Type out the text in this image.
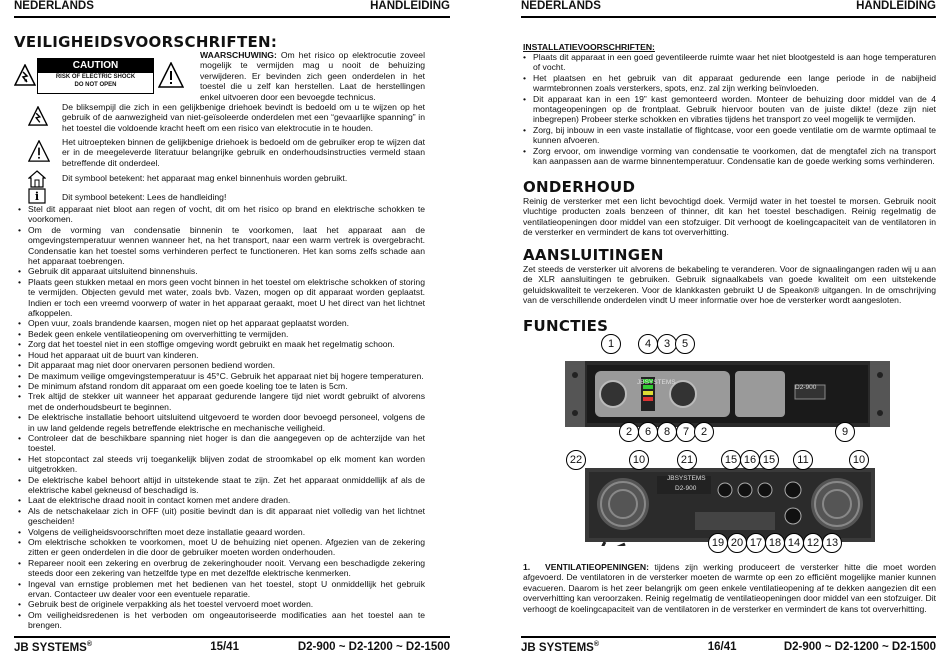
NEDERLANDS	HANDLEIDING
VEILIGHEIDSVOORSCHRIFTEN:
CAUTION
RISK OF ELECTRIC SHOCK
DO NOT OPEN
WAARSCHUWING: Om het risico op elektrocutie zoveel mogelijk te vermijden mag u nooit de behuizing verwijderen. Er bevinden zich geen onderdelen in het toestel die u zelf kan herstellen. Laat de herstellingen enkel uitvoeren door een bevoegde technicus.
De bliksempijl die zich in een gelijkbenige driehoek bevindt is bedoeld om u te wijzen op het gebruik of de aanwezigheid van niet-geïsoleerde onderdelen met een “gevaarlijke spanning” in het toestel die voldoende kracht heeft om een risico van elektrocutie in te houden.
Het uitroepteken binnen de gelijkbenige driehoek is bedoeld om de gebruiker erop te wijzen dat er in de meegeleverde literatuur belangrijke gebruik en onderhoudsinstructies vermeld staan betreffende dit onderdeel.
Dit symbool betekent: het apparaat mag enkel binnenhuis worden gebruikt.
i	Dit symbool betekent: Lees de handleiding!
• Stel dit apparaat niet bloot aan regen of vocht, dit om het risico op brand en elektrische schokken te voorkomen.
• Om de vorming van condensatie binnenin te voorkomen, laat het apparaat aan de omgevingstemperatuur wennen wanneer het, na het transport, naar een warm vertrek is overgebracht. Condensatie kan het toestel soms verhinderen perfect te functioneren. Het kan soms zelfs schade aan het apparaat toebrengen.
• Gebruik dit apparaat uitsluitend binnenshuis.
• Plaats geen stukken metaal en mors geen vocht binnen in het toestel om elektrische schokken of storing te vermijden. Objecten gevuld met water, zoals bvb. Vazen, mogen op dit apparaat worden geplaatst. Indien er toch een vreemd voorwerp of water in het apparaat geraakt, moet U het direct van het lichtnet afkoppelen.
• Open vuur, zoals brandende kaarsen, mogen niet op het apparaat geplaatst worden.
• Bedek geen enkele ventilatieopening om oververhitting te vermijden.
• Zorg dat het toestel niet in een stoffige omgeving wordt gebruikt en maak het regelmatig schoon.
• Houd het apparaat uit de buurt van kinderen.
• Dit apparaat mag niet door onervaren personen bediend worden.
• De maximum veilige omgevingstemperatuur is 45°C. Gebruik het apparaat niet bij hogere temperaturen.
• De minimum afstand rondom dit apparaat om een goede koeling toe te laten is 5cm.
• Trek altijd de stekker uit wanneer het apparaat gedurende langere tijd niet wordt gebruikt of alvorens met de onderhoudsbeurt te beginnen.
• De elektrische installatie behoort uitsluitend uitgevoerd te worden door bevoegd personeel, volgens de in uw land geldende regels betreffende elektrische en mechanische veiligheid.
• Controleer dat de beschikbare spanning niet hoger is dan die aangegeven op de achterzijde van het toestel.
• Het stopcontact zal steeds vrij toegankelijk blijven zodat de stroomkabel op elk moment kan worden uitgetrokken.
• De elektrische kabel behoort altijd in uitstekende staat te zijn. Zet het apparaat onmiddellijk af als de elektrische kabel gekneusd of beschadigd is.
• Laat de elektrische draad nooit in contact komen met andere draden.
• Als de netschakelaar zich in OFF (uit) positie bevindt dan is dit apparaat niet volledig van het lichtnet gescheiden!
• Volgens de veiligheidsvoorschriften moet deze installatie geaard worden.
• Om elektrische schokken te voorkomen, moet U de behuizing niet openen. Afgezien van de zekering zitten er geen onderdelen in die door de gebruiker moeten worden onderhouden.
• Repareer nooit een zekering en overbrug de zekeringhouder nooit. Vervang een beschadigde zekering steeds door een zekering van hetzelfde type en met dezelfde elektrische kenmerken.
• Ingeval van ernstige problemen met het bedienen van het toestel, stopt U onmiddellijk het gebruik ervan. Contacteer uw dealer voor een eventuele reparatie.
• Gebruik best de originele verpakking als het toestel vervoerd moet worden.
• Om veiligheidsredenen is het verboden om ongeautoriseerde modificaties aan het toestel aan te brengen.
JB SYSTEMS®	15/41	D2-900 ~ D2-1200 ~ D2-1500
NEDERLANDS	HANDLEIDING
INSTALLATIEVOORSCHRIFTEN:
• Plaats dit apparaat in een goed geventileerde ruimte waar het niet blootgesteld is aan hoge temperaturen of vocht.
• Het plaatsen en het gebruik van dit apparaat gedurende een lange periode in de nabijheid warmtebronnen zoals versterkers, spots, enz. zal zijn werking beïnvloeden.
• Dit apparaat kan in een 19” kast gemonteerd worden. Monteer de behuizing door middel van de 4 montageopeningen op de frontplaat. Gebruik hiervoor bouten van de juiste dikte! (deze zijn niet inbegrepen) Probeer sterke schokken en vibraties tijdens het transport zo veel mogelijk te vermijden.
• Zorg, bij inbouw in een vaste installatie of flightcase, voor een goede ventilatie om de warmte optimaal te kunnen afvoeren.
• Zorg ervoor, om inwendige vorming van condensatie te voorkomen, dat de mengtafel zich na transport kan aanpassen aan de warme binnentemperatuur. Condensatie kan de goede werking soms verhinderen.
ONDERHOUD
Reinig de versterker met een licht bevochtigd doek. Vermijd water in het toestel te morsen. Gebruik nooit vluchtige producten zoals benzeen of thinner, dit kan het toestel beschadigen. Reinig regelmatig de ventilatieopeningen door middel van een stofzuiger. Dit verhoogt de koelingcapaciteit van de ventilatoren in de versterker en vermindert de kans tot oververhitting.
AANSLUITINGEN
Zet steeds de versterker uit alvorens de bekabeling te veranderen. Voor de signaalingangen raden wij u aan de XLR aansluitingen te gebruiken. Gebruik signaalkabels van goede kwaliteit om een uitstekende geluidskwaliteit te verzekeren. Voor de klankkasten gebruikt U de Speakon® uitgangen. In de omschrijving van de verschillende onderdelen vindt U meer informatie over hoe de versterker wordt aangesloten.
FUNCTIES
JBSYSTEMS
D2-900
1	4	3	5
2	6	8	7	2	9
JBSYSTEMS
D2-900
22	10	21	15 16 15	11	10
19 20 17 18 14 12 13
1. VENTILATIEOPENINGEN: tijdens zijn werking produceert de versterker hitte die moet worden afgevoerd. De ventilatoren in de versterker moeten de warmte op een zo efficiënt mogelijke manier kunnen evacueren. Daarom is het zeer belangrijk om geen enkele ventilatieopening af te dekken aangezien dit een oververhitting kan veroorzaken. Reinig regelmatig de ventilatieopeningen door middel van een stofzuiger. Dit verhoogt de koelingcapaciteit van de ventilatoren in de versterker en vermindert de kans tot oververhitting.
JB SYSTEMS®	16/41	D2-900 ~ D2-1200 ~ D2-1500
